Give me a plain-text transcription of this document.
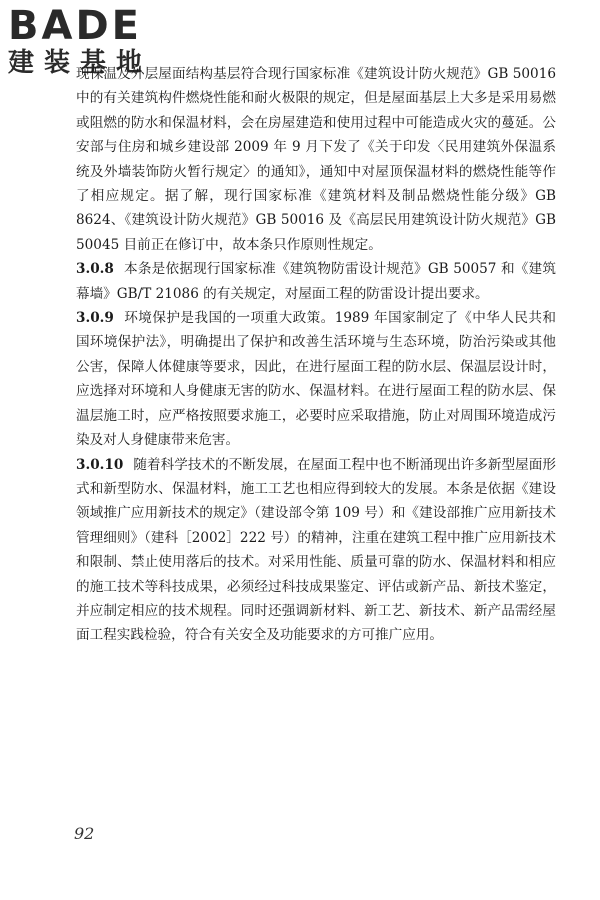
BADE
建装基地

现保温及外层屋面结构基层符合现行国家标准《建筑设计防火规范》GB 50016 中的有关建筑构件燃烧性能和耐火极限的规定，但是屋面基层上大多是采用易燃或阻燃的防水和保温材料，会在房屋建造和使用过程中可能造成火灾的蔓延。公安部与住房和城乡建设部 2009 年 9 月下发了《关于印发〈民用建筑外保温系统及外墙装饰防火暂行规定〉的通知》，通知中对屋顶保温材料的燃烧性能等作了相应规定。据了解，现行国家标准《建筑材料及制品燃烧性能分级》GB 8624、《建筑设计防火规范》GB 50016 及《高层民用建筑设计防火规范》GB 50045 目前正在修订中，故本条只作原则性规定。

3.0.8 本条是依据现行国家标准《建筑物防雷设计规范》GB 50057 和《建筑幕墙》GB/T 21086 的有关规定，对屋面工程的防雷设计提出要求。

3.0.9 环境保护是我国的一项重大政策。1989 年国家制定了《中华人民共和国环境保护法》，明确提出了保护和改善生活环境与生态环境，防治污染或其他公害，保障人体健康等要求，因此，在进行屋面工程的防水层、保温层设计时，应选择对环境和人身健康无害的防水、保温材料。在进行屋面工程的防水层、保温层施工时，应严格按照要求施工，必要时应采取措施，防止对周围环境造成污染及对人身健康带来危害。

3.0.10 随着科学技术的不断发展，在屋面工程中也不断涌现出许多新型屋面形式和新型防水、保温材料，施工工艺也相应得到较大的发展。本条是依据《建设领域推广应用新技术的规定》（建设部令第 109 号）和《建设部推广应用新技术管理细则》（建科［2002］222 号）的精神，注重在建筑工程中推广应用新技术和限制、禁止使用落后的技术。对采用性能、质量可靠的防水、保温材料和相应的施工技术等科技成果，必须经过科技成果鉴定、评估或新产品、新技术鉴定，并应制定相应的技术规程。同时还强调新材料、新工艺、新技术、新产品需经屋面工程实践检验，符合有关安全及功能要求的方可推广应用。

92
